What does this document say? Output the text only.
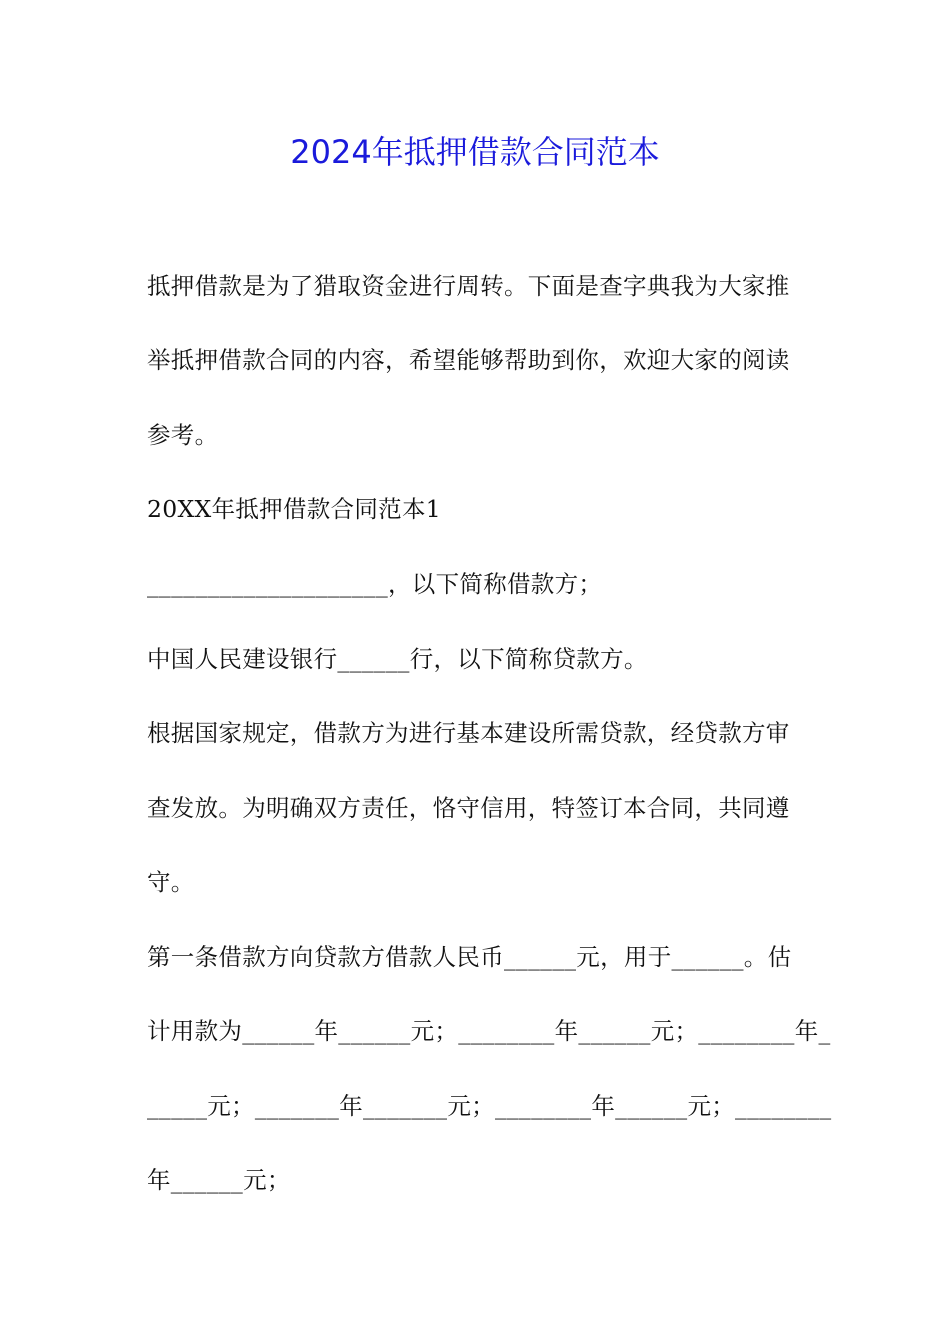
2024年抵押借款合同范本
抵押借款是为了猎取资金进行周转。下面是查字典我为大家推
举抵押借款合同的内容，希望能够帮助到你，欢迎大家的阅读
参考。
20XX年抵押借款合同范本1
____________________，以下简称借款方；
中国人民建设银行______行，以下简称贷款方。
根据国家规定，借款方为进行基本建设所需贷款，经贷款方审
查发放。为明确双方责任，恪守信用，特签订本合同，共同遵
守。
第一条借款方向贷款方借款人民币______元，用于______。估
计用款为______年______元；________年______元；________年_
_____元；_______年_______元；________年______元；________
年______元；
